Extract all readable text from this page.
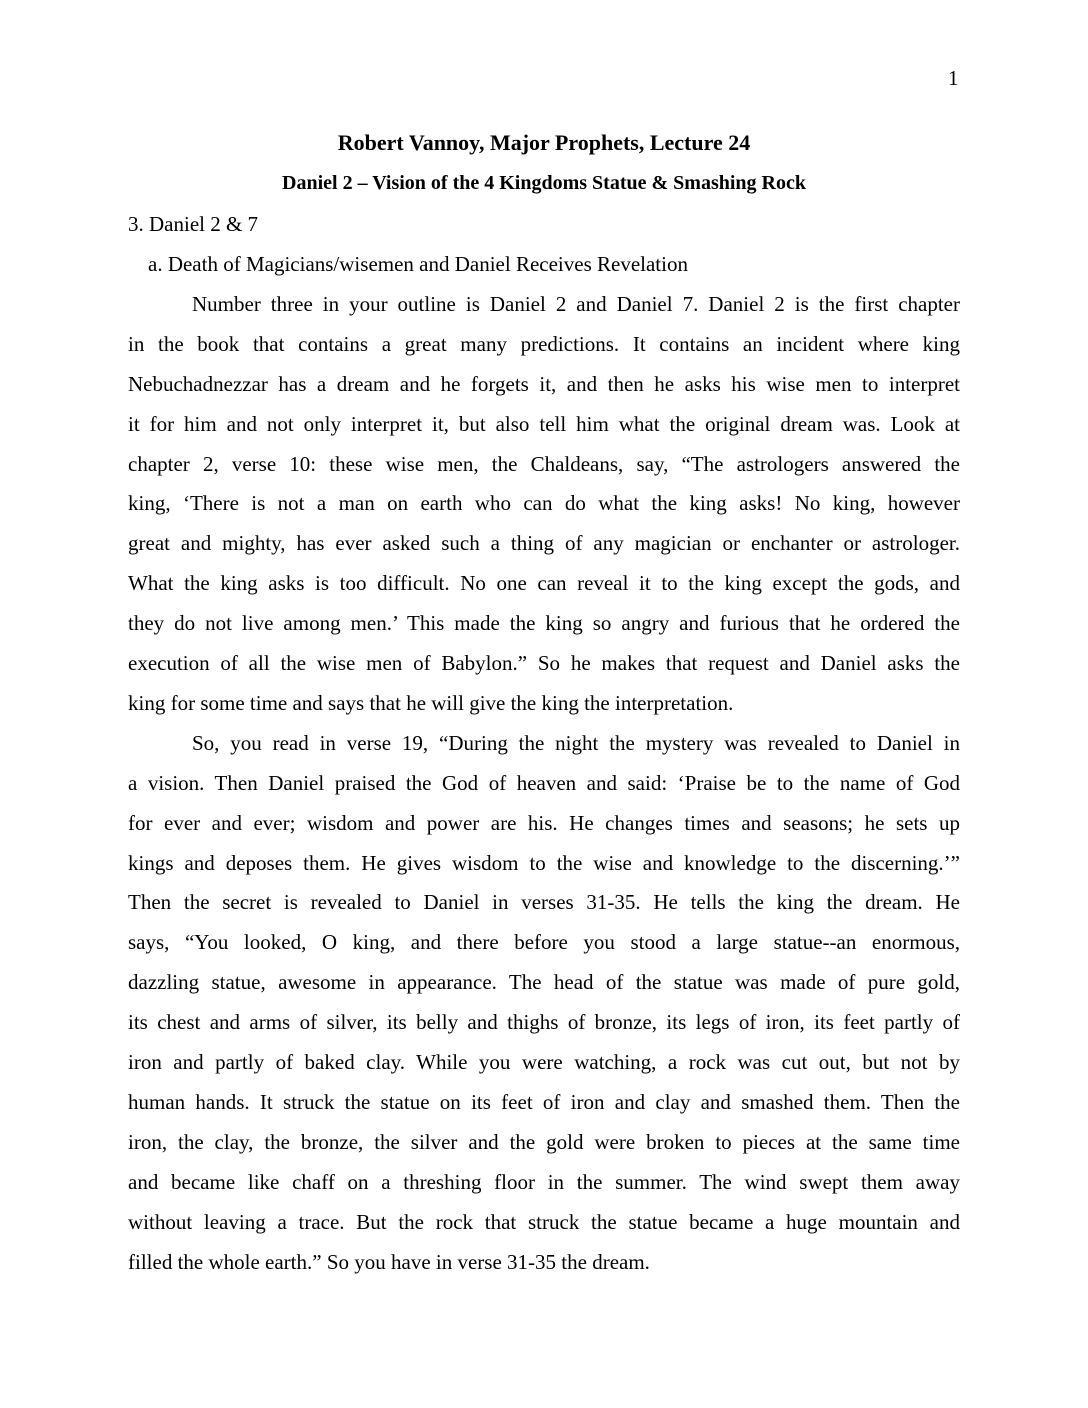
1
Robert Vannoy, Major Prophets, Lecture 24
Daniel 2 – Vision of the 4 Kingdoms Statue & Smashing Rock
3. Daniel 2 & 7
a. Death of Magicians/wisemen and Daniel Receives Revelation
Number three in your outline is Daniel 2 and Daniel 7. Daniel 2 is the first chapter
in the book that contains a great many predictions. It contains an incident where king
Nebuchadnezzar has a dream and he forgets it, and then he asks his wise men to interpret
it for him and not only interpret it, but also tell him what the original dream was. Look at
chapter 2, verse 10: these wise men, the Chaldeans, say, “The astrologers answered the
king, ‘There is not a man on earth who can do what the king asks! No king, however
great and mighty, has ever asked such a thing of any magician or enchanter or astrologer.
What the king asks is too difficult. No one can reveal it to the king except the gods, and
they do not live among men.’ This made the king so angry and furious that he ordered the
execution of all the wise men of Babylon.” So he makes that request and Daniel asks the
king for some time and says that he will give the king the interpretation.
So, you read in verse 19, “During the night the mystery was revealed to Daniel in
a vision. Then Daniel praised the God of heaven and said: ‘Praise be to the name of God
for ever and ever; wisdom and power are his. He changes times and seasons; he sets up
kings and deposes them. He gives wisdom to the wise and knowledge to the discerning.’”
Then the secret is revealed to Daniel in verses 31-35. He tells the king the dream. He
says, “You looked, O king, and there before you stood a large statue--an enormous,
dazzling statue, awesome in appearance. The head of the statue was made of pure gold,
its chest and arms of silver, its belly and thighs of bronze, its legs of iron, its feet partly of
iron and partly of baked clay. While you were watching, a rock was cut out, but not by
human hands. It struck the statue on its feet of iron and clay and smashed them. Then the
iron, the clay, the bronze, the silver and the gold were broken to pieces at the same time
and became like chaff on a threshing floor in the summer. The wind swept them away
without leaving a trace. But the rock that struck the statue became a huge mountain and
filled the whole earth.” So you have in verse 31-35 the dream.
